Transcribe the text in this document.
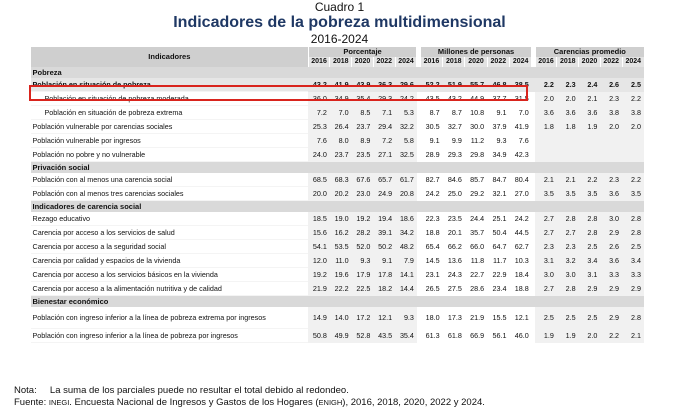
Cuadro 1
Indicadores de la pobreza multidimensional
2016-2024
Indicadores	Porcentaje						Millones de personas						Carencias promedio				
	2016	2018	2020	2022	2024		2016	2018	2020	2022	2024		2016	2018	2020	2022	2024
Pobreza																	
Población en situación de pobreza	43.2	41.9	43.9	36.3	29.6		52.2	51.9	55.7	46.8	38.5		2.2	2.3	2.4	2.6	2.5
Población en situación de pobreza moderada	36.0	34.9	35.4	29.3	24.2		43.5	43.2	44.9	37.7	31.5		2.0	2.0	2.1	2.3	2.2
Población en situación de pobreza extrema	7.2	7.0	8.5	7.1	5.3		8.7	8.7	10.8	9.1	7.0		3.6	3.6	3.6	3.8	3.8
Población vulnerable por carencias sociales	25.3	26.4	23.7	29.4	32.2		30.5	32.7	30.0	37.9	41.9		1.8	1.8	1.9	2.0	2.0
Población vulnerable por ingresos	7.6	8.0	8.9	7.2	5.8		9.1	9.9	11.2	9.3	7.6						
Población no pobre y no vulnerable	24.0	23.7	23.5	27.1	32.5		28.9	29.3	29.8	34.9	42.3						
Privación social																	
Población con al menos una carencia social	68.5	68.3	67.6	65.7	61.7		82.7	84.6	85.7	84.7	80.4		2.1	2.1	2.2	2.3	2.2
Población con al menos tres carencias sociales	20.0	20.2	23.0	24.9	20.8		24.2	25.0	29.2	32.1	27.0		3.5	3.5	3.5	3.6	3.5
Indicadores de carencia social																	
Rezago educativo	18.5	19.0	19.2	19.4	18.6		22.3	23.5	24.4	25.1	24.2		2.7	2.8	2.8	3.0	2.8
Carencia por acceso a los servicios de salud	15.6	16.2	28.2	39.1	34.2		18.8	20.1	35.7	50.4	44.5		2.7	2.7	2.8	2.9	2.8
Carencia por acceso a la seguridad social	54.1	53.5	52.0	50.2	48.2		65.4	66.2	66.0	64.7	62.7		2.3	2.3	2.5	2.6	2.5
Carencia por calidad y espacios de la vivienda	12.0	11.0	9.3	9.1	7.9		14.5	13.6	11.8	11.7	10.3		3.1	3.2	3.4	3.6	3.4
Carencia por acceso a los servicios básicos en la vivienda	19.2	19.6	17.9	17.8	14.1		23.1	24.3	22.7	22.9	18.4		3.0	3.0	3.1	3.3	3.3
Carencia por acceso a la alimentación nutritiva y de calidad	21.9	22.2	22.5	18.2	14.4		26.5	27.5	28.6	23.4	18.8		2.7	2.8	2.9	2.9	2.9
Bienestar económico																	
Población con ingreso inferior a la línea de pobreza extrema por ingresos	14.9	14.0	17.2	12.1	9.3		18.0	17.3	21.9	15.5	12.1		2.5	2.5	2.5	2.9	2.8
Población con ingreso inferior a la línea de pobreza por ingresos	50.8	49.9	52.8	43.5	35.4		61.3	61.8	66.9	56.1	46.0		1.9	1.9	2.0	2.2	2.1
Nota: La suma de los parciales puede no resultar el total debido al redondeo.
Fuente: INEGI. Encuesta Nacional de Ingresos y Gastos de los Hogares (ENIGH), 2016, 2018, 2020, 2022 y 2024.
